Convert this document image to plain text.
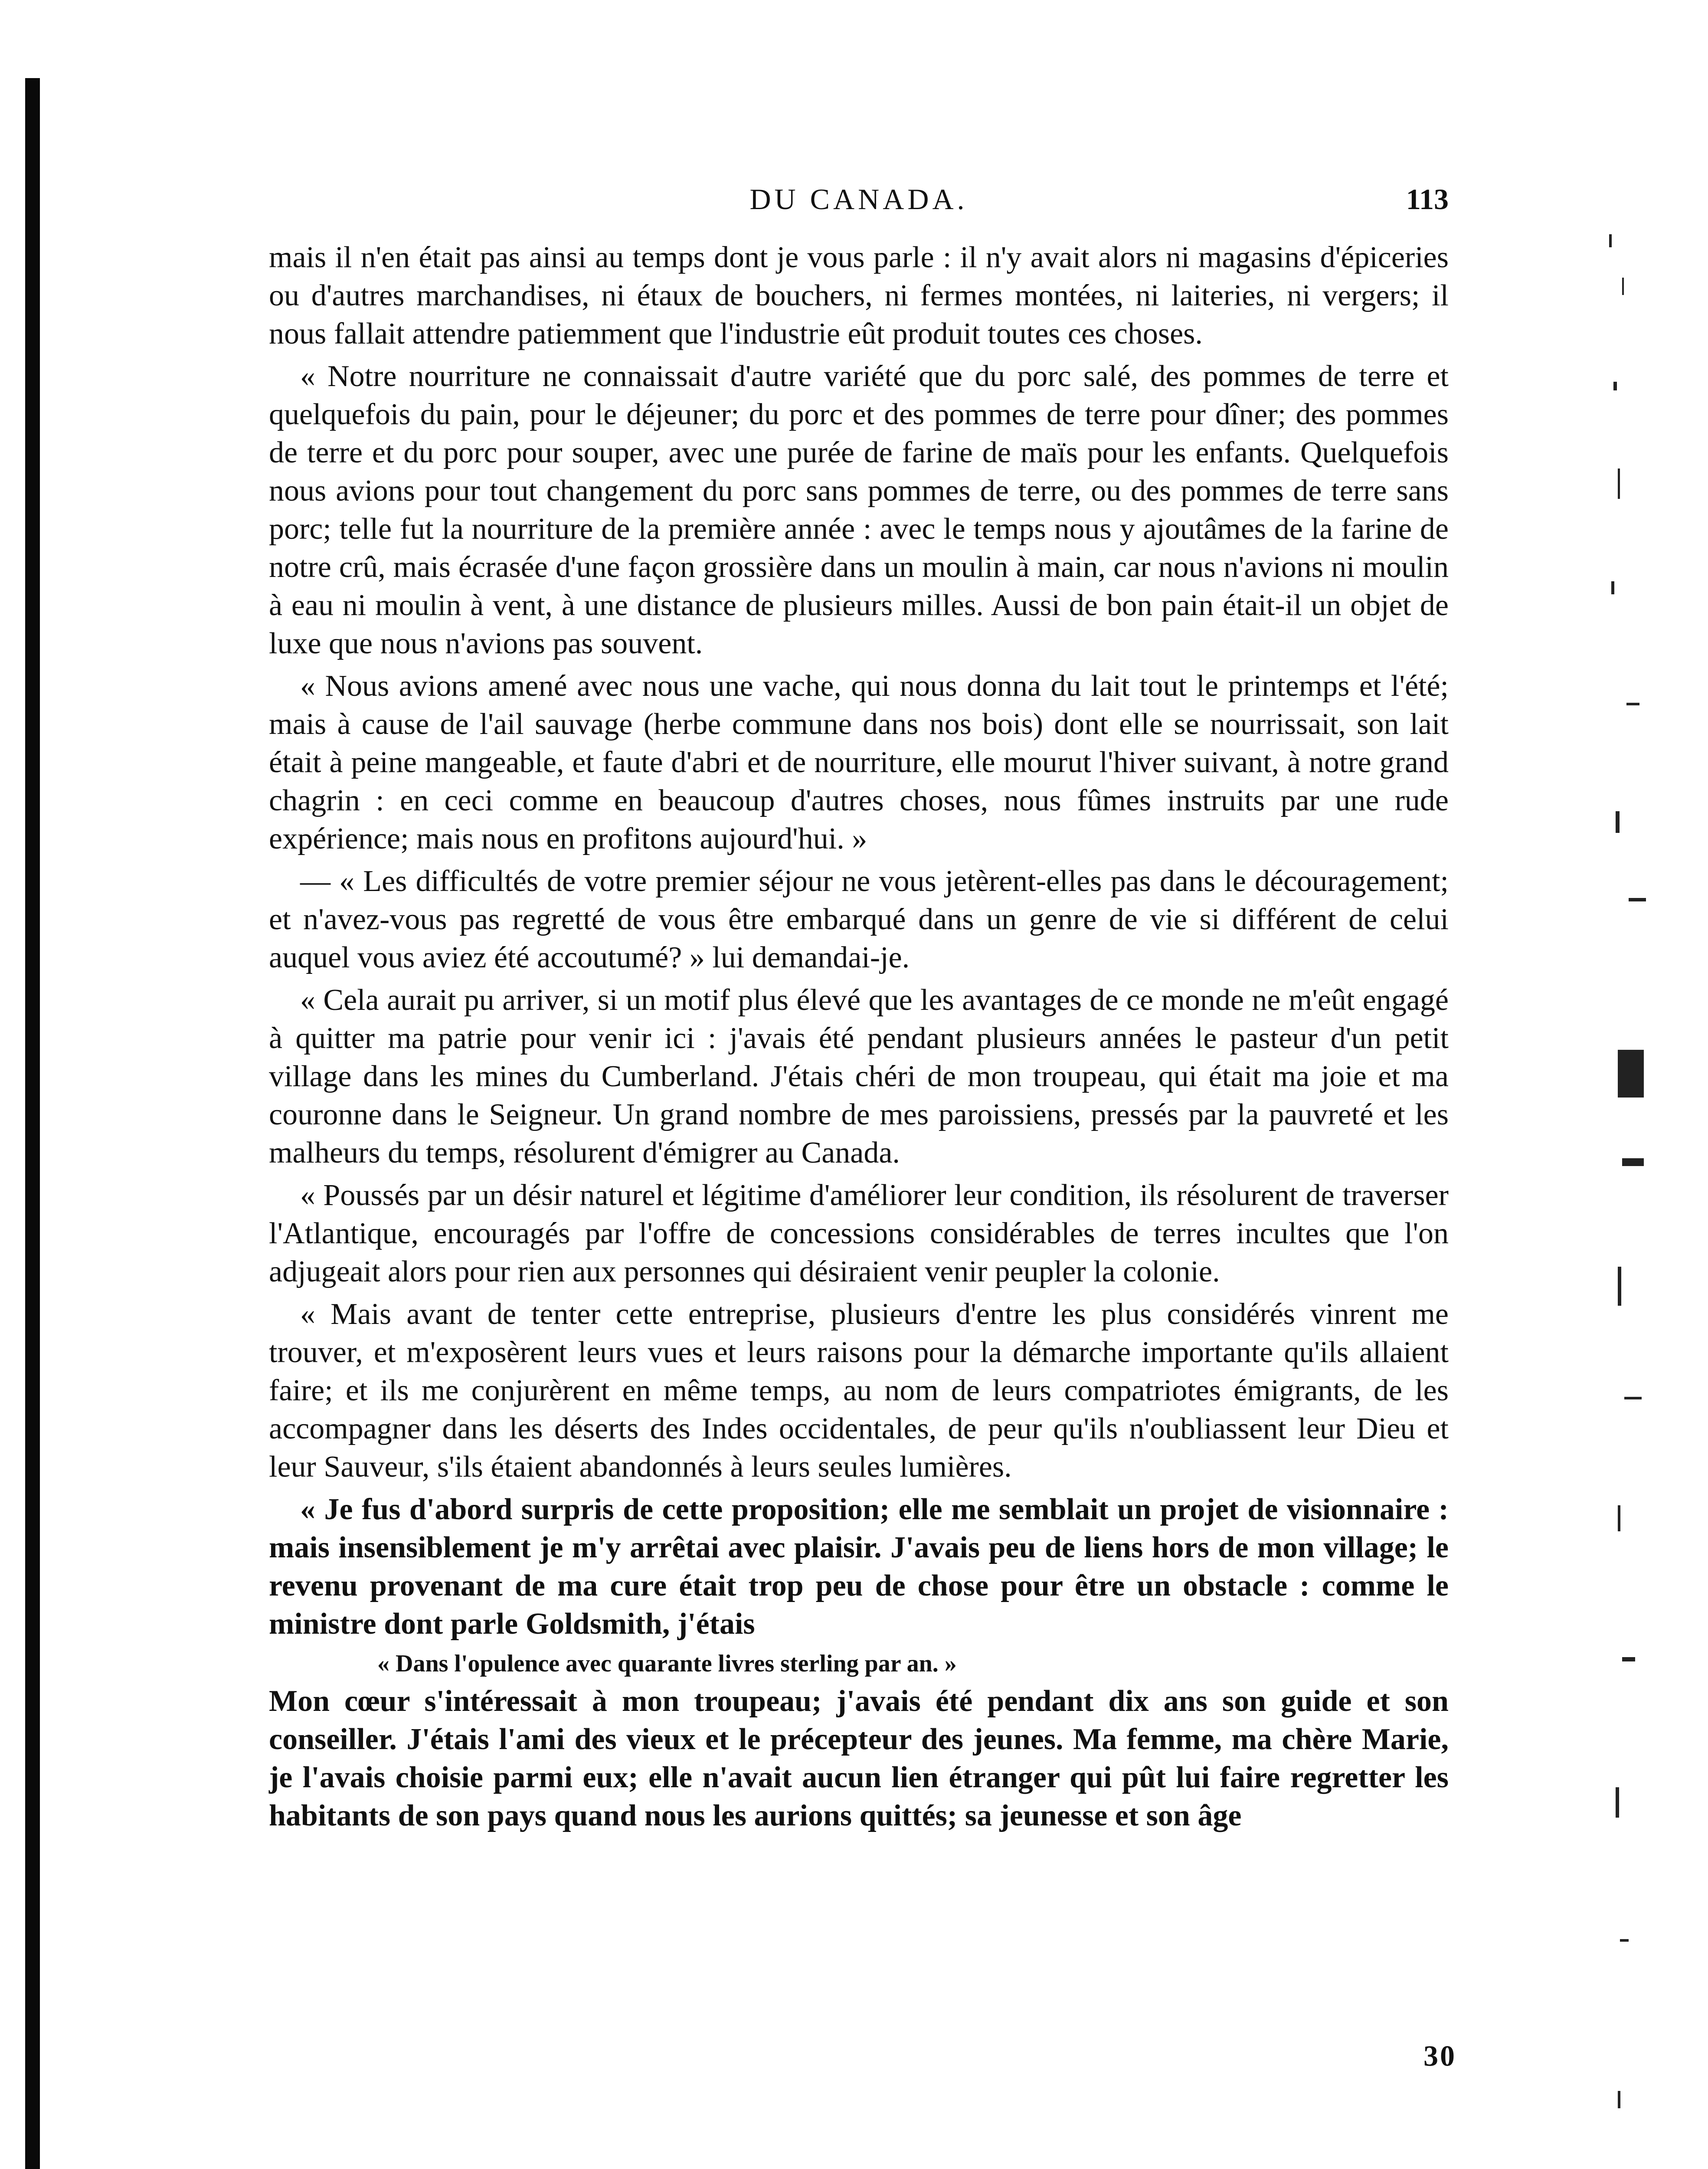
DU CANADA.	113

mais il n'en était pas ainsi au temps dont je vous parle : il n'y avait alors ni magasins d'épiceries ou d'autres marchandises, ni étaux de bouchers, ni fermes montées, ni laiteries, ni vergers; il nous fallait attendre patiemment que l'industrie eût produit toutes ces choses.

« Notre nourriture ne connaissait d'autre variété que du porc salé, des pommes de terre et quelquefois du pain, pour le déjeuner; du porc et des pommes de terre pour dîner; des pommes de terre et du porc pour souper, avec une purée de farine de maïs pour les enfants. Quelquefois nous avions pour tout changement du porc sans pommes de terre, ou des pommes de terre sans porc; telle fut la nourriture de la première année : avec le temps nous y ajoutâmes de la farine de notre crû, mais écrasée d'une façon grossière dans un moulin à main, car nous n'avions ni moulin à eau ni moulin à vent, à une distance de plusieurs milles. Aussi de bon pain était-il un objet de luxe que nous n'avions pas souvent.

« Nous avions amené avec nous une vache, qui nous donna du lait tout le printemps et l'été; mais à cause de l'ail sauvage (herbe commune dans nos bois) dont elle se nourrissait, son lait était à peine mangeable, et faute d'abri et de nourriture, elle mourut l'hiver suivant, à notre grand chagrin : en ceci comme en beaucoup d'autres choses, nous fûmes instruits par une rude expérience; mais nous en profitons aujourd'hui. »

— « Les difficultés de votre premier séjour ne vous jetèrent-elles pas dans le découragement; et n'avez-vous pas regretté de vous être embarqué dans un genre de vie si différent de celui auquel vous aviez été accoutumé? » lui demandai-je.

« Cela aurait pu arriver, si un motif plus élevé que les avantages de ce monde ne m'eût engagé à quitter ma patrie pour venir ici : j'avais été pendant plusieurs années le pasteur d'un petit village dans les mines du Cumberland. J'étais chéri de mon troupeau, qui était ma joie et ma couronne dans le Seigneur. Un grand nombre de mes paroissiens, pressés par la pauvreté et les malheurs du temps, résolurent d'émigrer au Canada.

« Poussés par un désir naturel et légitime d'améliorer leur condition, ils résolurent de traverser l'Atlantique, encouragés par l'offre de concessions considérables de terres incultes que l'on adjugeait alors pour rien aux personnes qui désiraient venir peupler la colonie.

« Mais avant de tenter cette entreprise, plusieurs d'entre les plus considérés vinrent me trouver, et m'exposèrent leurs vues et leurs raisons pour la démarche importante qu'ils allaient faire; et ils me conjurèrent en même temps, au nom de leurs compatriotes émigrants, de les accompagner dans les déserts des Indes occidentales, de peur qu'ils n'oubliassent leur Dieu et leur Sauveur, s'ils étaient abandonnés à leurs seules lumières.

« Je fus d'abord surpris de cette proposition; elle me semblait un projet de visionnaire : mais insensiblement je m'y arrêtai avec plaisir. J'avais peu de liens hors de mon village; le revenu provenant de ma cure était trop peu de chose pour être un obstacle : comme le ministre dont parle Goldsmith, j'étais

« Dans l'opulence avec quarante livres sterling par an. »

Mon cœur s'intéressait à mon troupeau; j'avais été pendant dix ans son guide et son conseiller. J'étais l'ami des vieux et le précepteur des jeunes. Ma femme, ma chère Marie, je l'avais choisie parmi eux; elle n'avait aucun lien étranger qui pût lui faire regretter les habitants de son pays quand nous les aurions quittés; sa jeunesse et son âge

30
